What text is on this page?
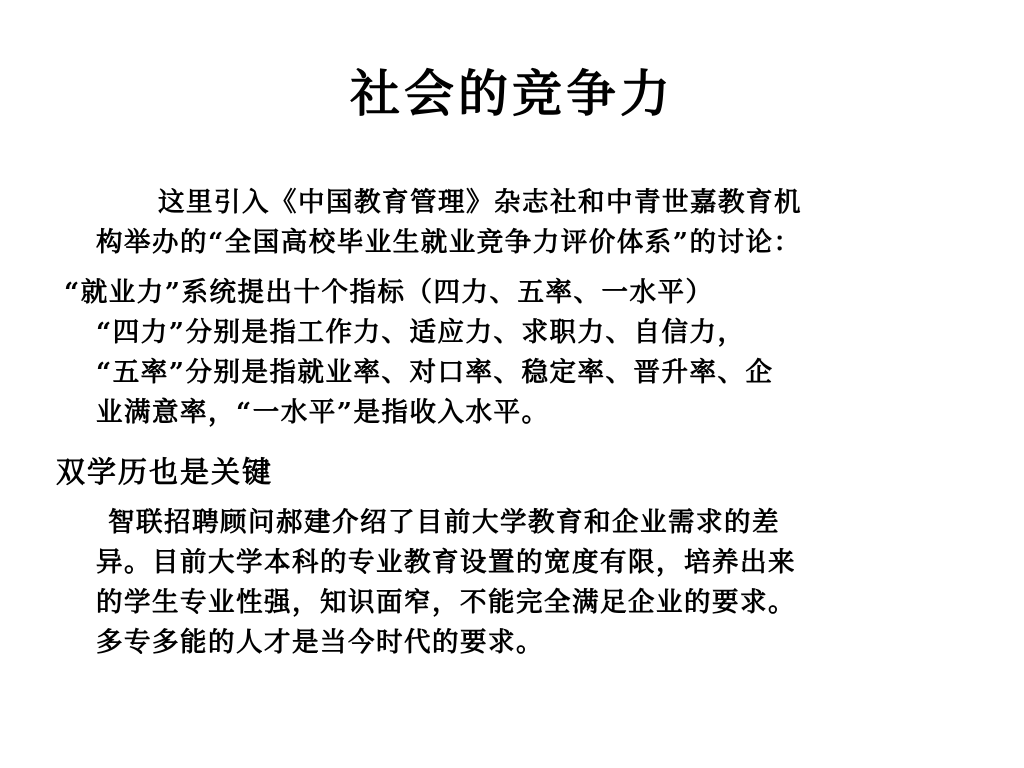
社会的竞争力
这里引入《中国教育管理》杂志社和中青世嘉教育机
构举办的“全国高校毕业生就业竞争力评价体系”的讨论：
“就业力”系统提出十个指标（四力、五率、一水平）
“四力”分别是指工作力、适应力、求职力、自信力，
“五率”分别是指就业率、对口率、稳定率、晋升率、企
业满意率，“一水平”是指收入水平。
双学历也是关键
智联招聘顾问郝建介绍了目前大学教育和企业需求的差
异。目前大学本科的专业教育设置的宽度有限，培养出来
的学生专业性强，知识面窄，不能完全满足企业的要求。
多专多能的人才是当今时代的要求。
